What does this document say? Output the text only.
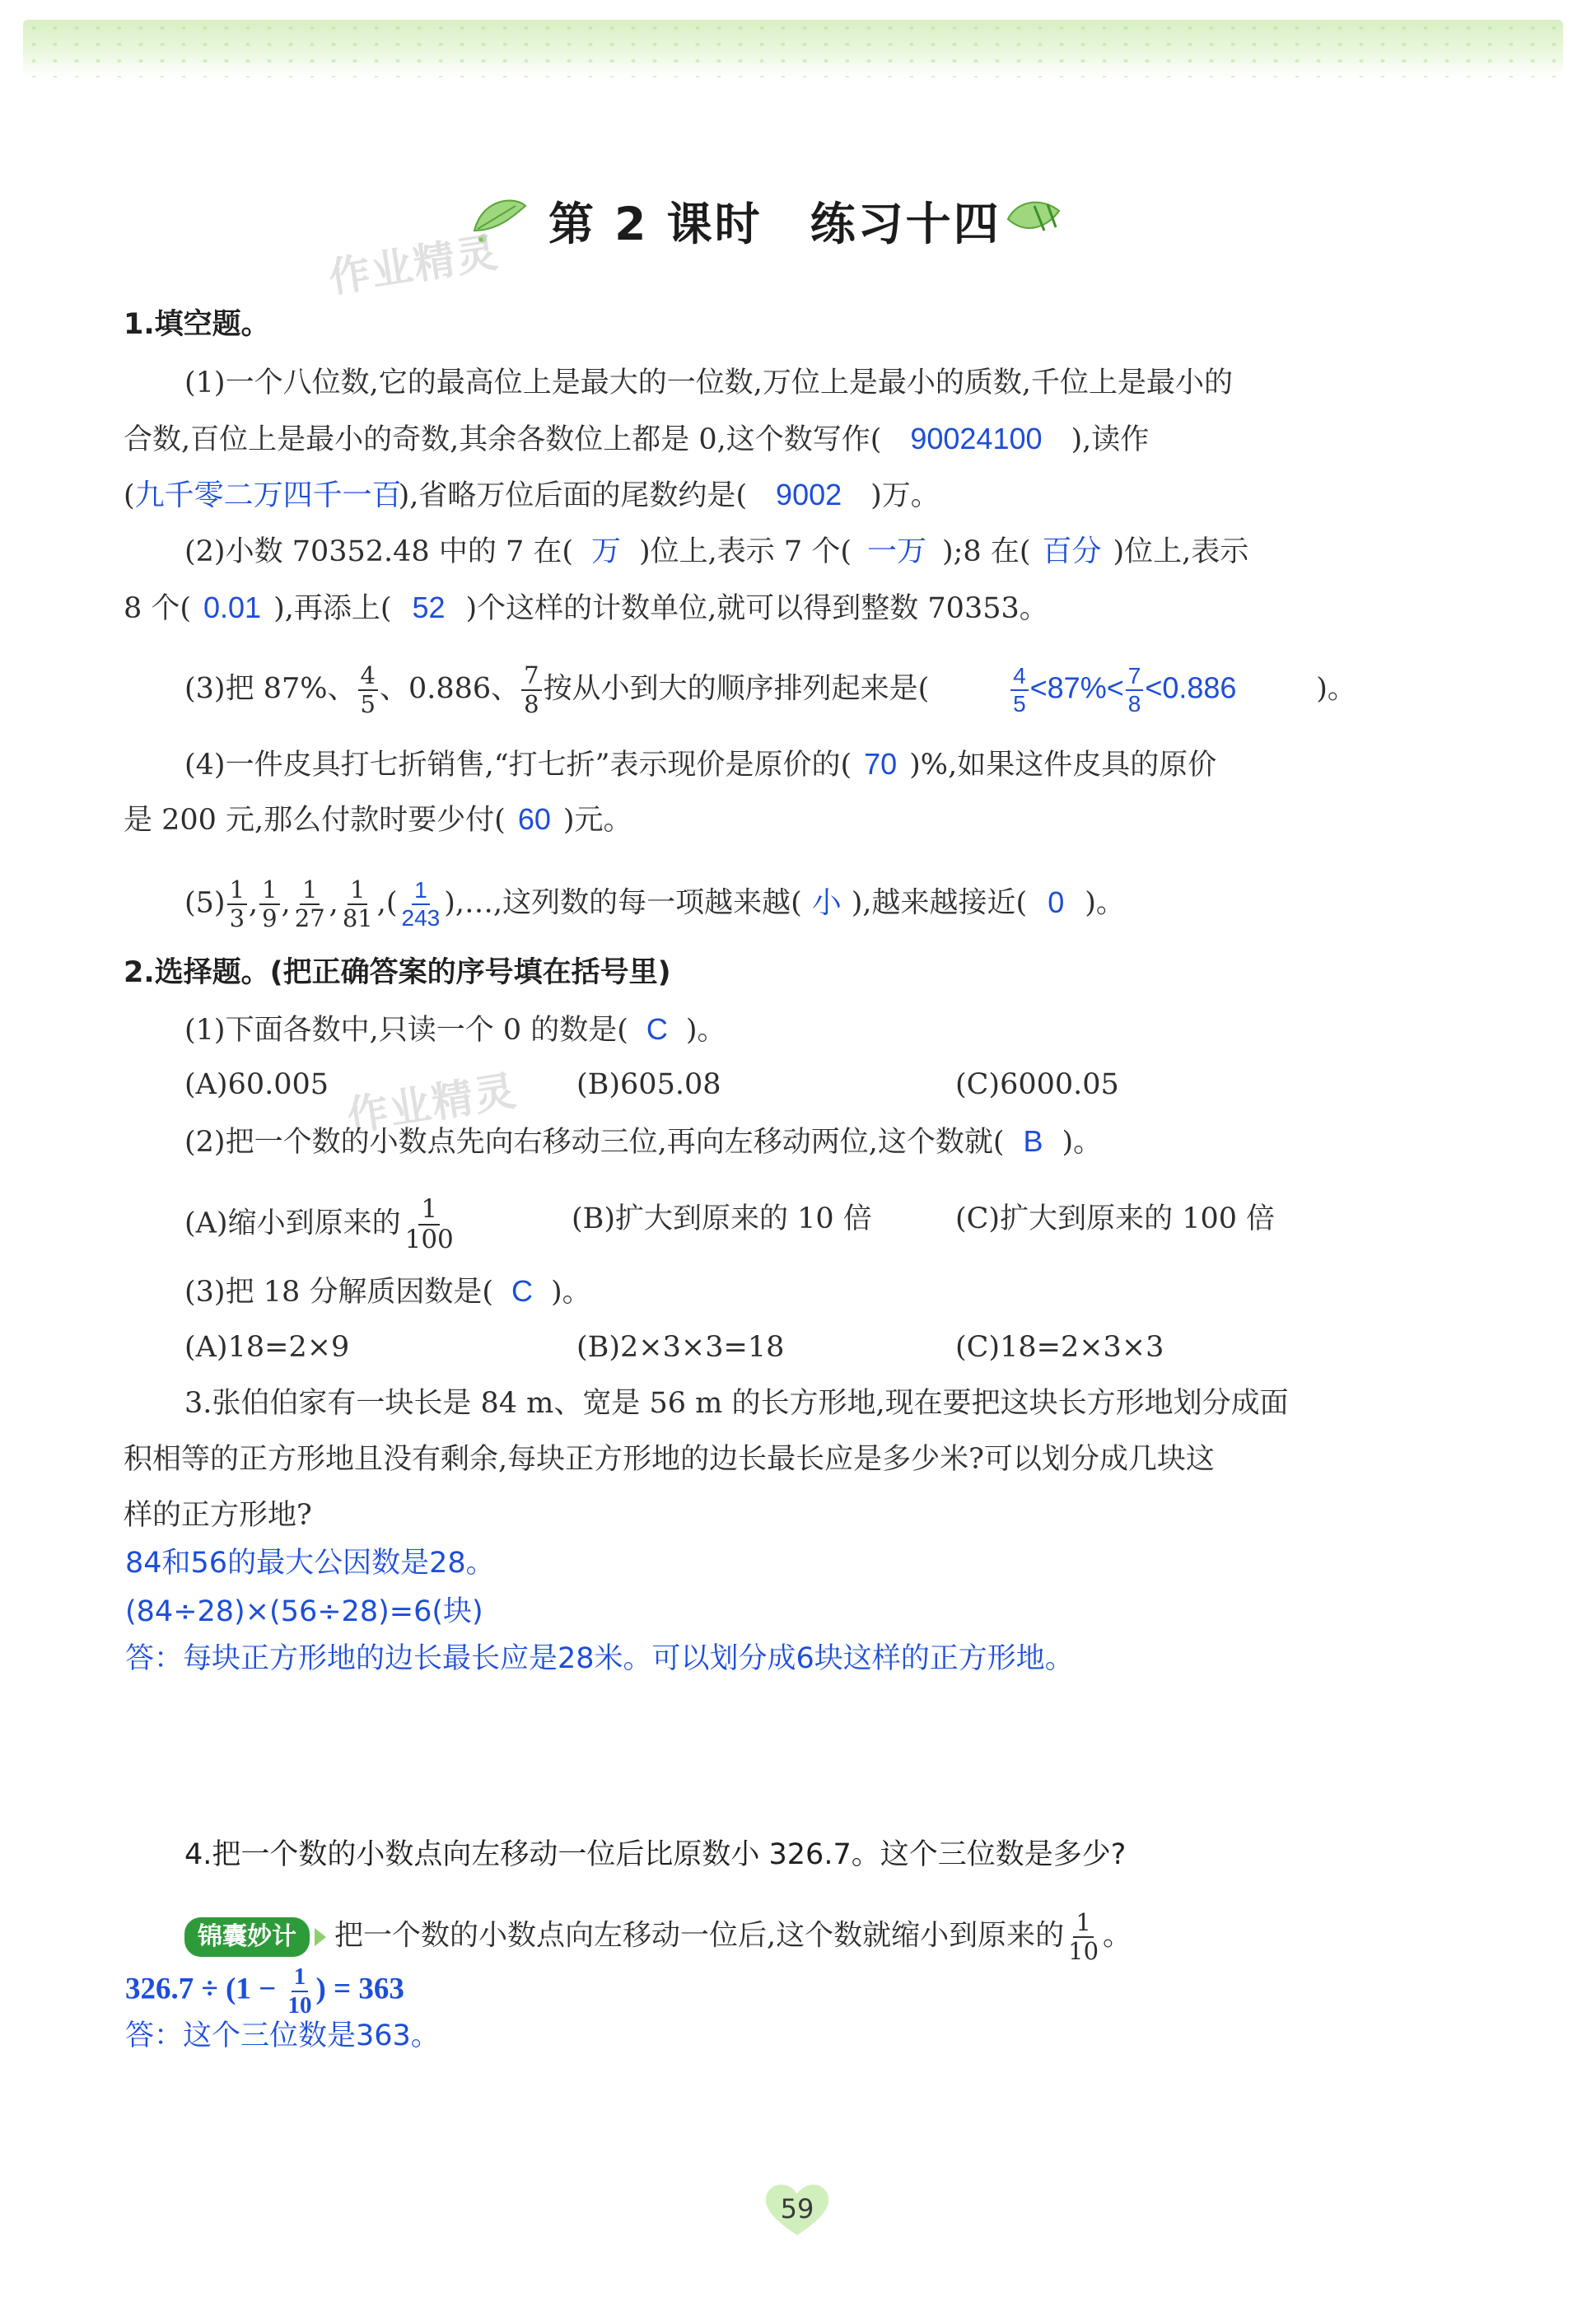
第 2 课时　练习十四
作业精灵
作业精灵
1.填空题。
(1)一个八位数,它的最高位上是最大的一位数,万位上是最小的质数,千位上是最小的
合数,百位上是最小的奇数,其余各数位上都是 0,这个数写作( 90024100 ),读作
(九千零二万四千一百),省略万位后面的尾数约是( 9002 )万。
(2)小数 70352.48 中的 7 在( 万 )位上,表示 7 个( 一万 );8 在( 百分 )位上,表示
8 个( 0.01 ),再添上( 52 )个这样的计数单位,就可以得到整数 70353。
(3)把 87%、 $\frac{4}{5}$ 、0.886、 $\frac{7}{8}$ 按从小到大的顺序排列起来是(	$\frac{4}{5} <87\%< \frac{7}{8} <0.886$	)。
(4)一件皮具打七折销售,“打七折”表示现价是原价的( 70 )%,如果这件皮具的原价
是 200 元,那么付款时要少付( 60 )元。
$(5) \frac{1}{3}$ , $\frac{1}{9}$ , $\frac{1}{27}$ , $\frac{1}{81}$ ,( $\frac{1}{243}$ ),…,这列数的每一项越来越( 小 ),越来越接近( 0 )。
2.选择题。(把正确答案的序号填在括号里)
(1)下面各数中,只读一个 0 的数是( C )。
(A)60.005	(B)605.08	(C)6000.05
(2)把一个数的小数点先向右移动三位,再向左移动两位,这个数就( B )。
(A)缩小到原来的 $\frac{1}{100}$	(B)扩大到原来的 10 倍	(C)扩大到原来的 100 倍
(3)把 18 分解质因数是( C )。
(A)18=2×9	(B)2×3×3=18	(C)18=2×3×3
3.张伯伯家有一块长是 84 m、宽是 56 m 的长方形地,现在要把这块长方形地划分成面
积相等的正方形地且没有剩余,每块正方形地的边长最长应是多少米?可以划分成几块这
样的正方形地?
84和56的最大公因数是28。
(84÷28)×(56÷28)=6(块)
答：每块正方形地的边长最长应是28米。可以划分成6块这样的正方形地。
4.把一个数的小数点向左移动一位后比原数小 326.7。这个三位数是多少?
锦囊妙计 把一个数的小数点向左移动一位后,这个数就缩小到原来的 $\frac{1}{10}$ 。
$326.7 \div (1 - \frac{1}{10}$ ) = 363
答：这个三位数是363。
59
